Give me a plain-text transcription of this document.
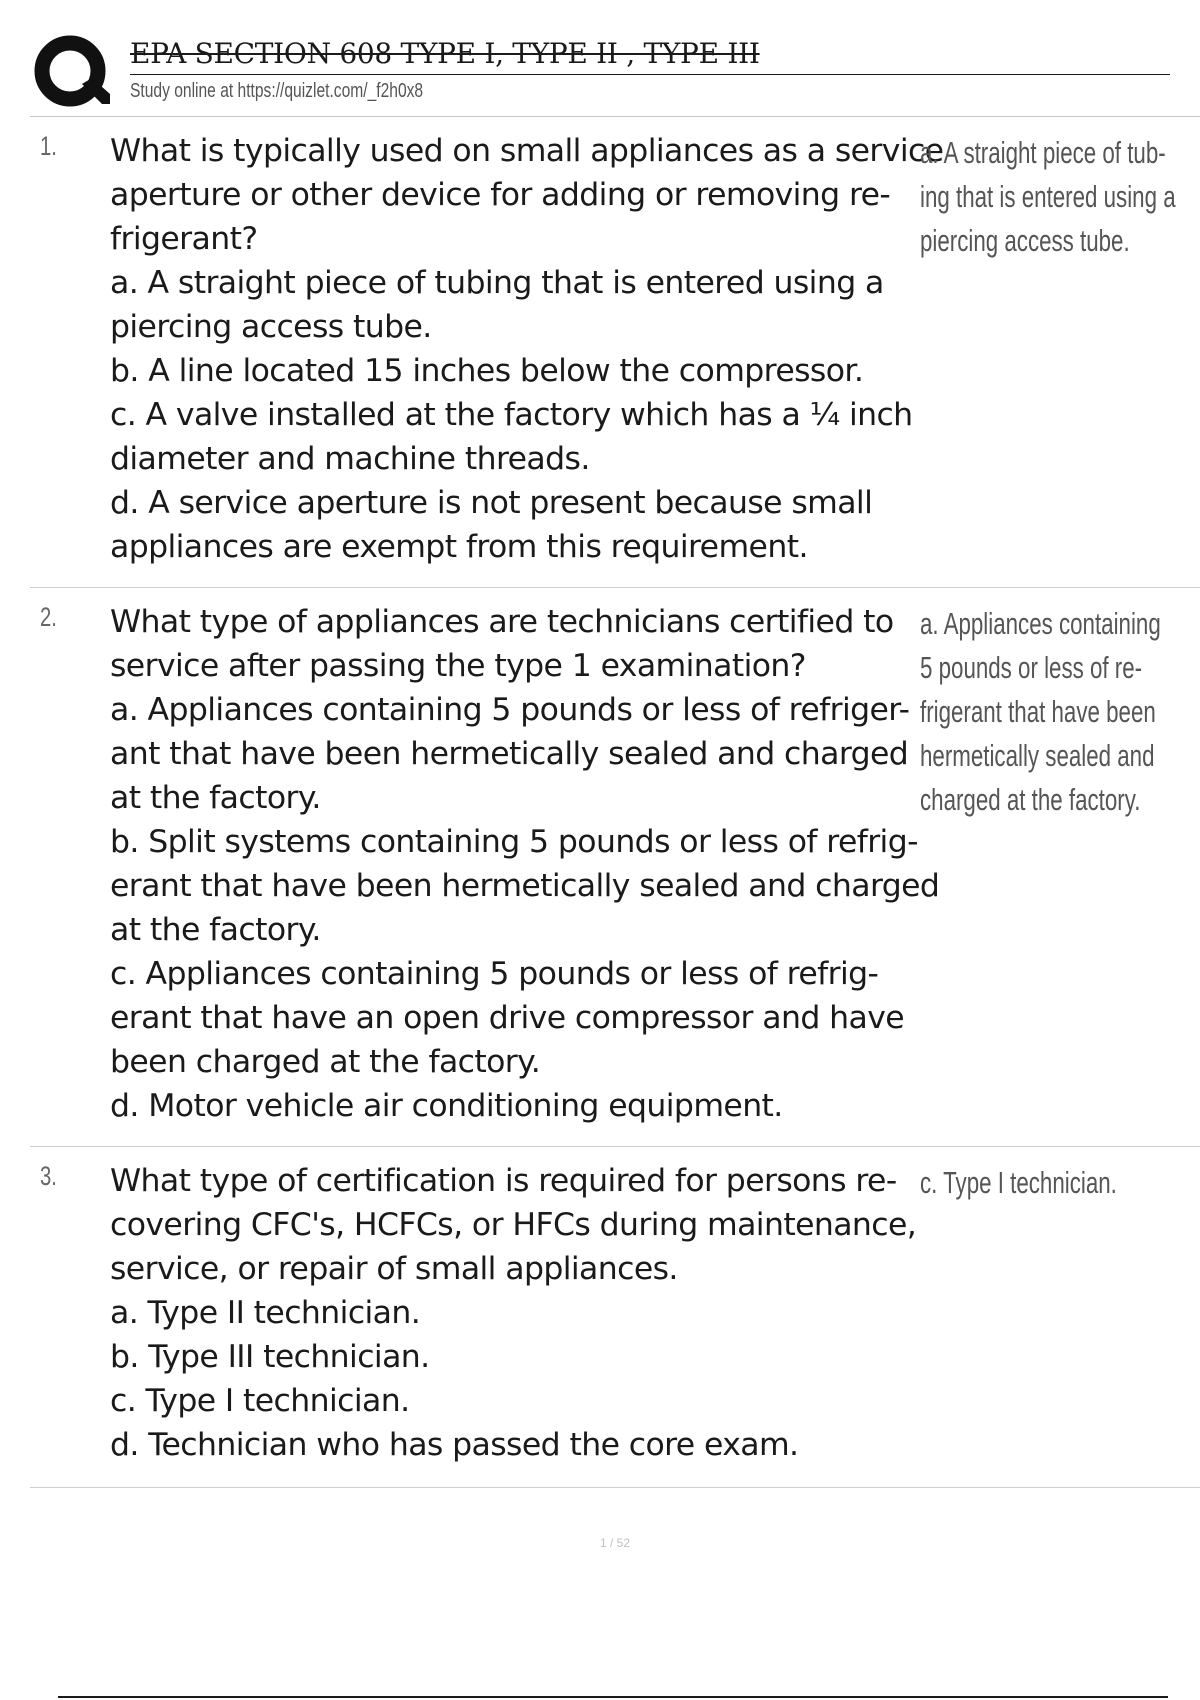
EPA SECTION 608 TYPE I, TYPE II , TYPE III
Study online at https://quizlet.com/_f2h0x8
1. What is typically used on small appliances as a service
aperture or other device for adding or removing re-
frigerant?
a. A straight piece of tubing that is entered using a
piercing access tube.
b. A line located 15 inches below the compressor.
c. A valve installed at the factory which has a ¼ inch
diameter and machine threads.
d. A service aperture is not present because small
appliances are exempt from this requirement.
a. A straight piece of tub-
ing that is entered using a
piercing access tube.
2. What type of appliances are technicians certified to
service after passing the type 1 examination?
a. Appliances containing 5 pounds or less of refriger-
ant that have been hermetically sealed and charged
at the factory.
b. Split systems containing 5 pounds or less of refrig-
erant that have been hermetically sealed and charged
at the factory.
c. Appliances containing 5 pounds or less of refrig-
erant that have an open drive compressor and have
been charged at the factory.
d. Motor vehicle air conditioning equipment.
a. Appliances containing
5 pounds or less of re-
frigerant that have been
hermetically sealed and
charged at the factory.
3. What type of certification is required for persons re-
covering CFC's, HCFCs, or HFCs during maintenance,
service, or repair of small appliances.
a. Type II technician.
b. Type III technician.
c. Type I technician.
d. Technician who has passed the core exam.
c. Type I technician.
1 / 52
